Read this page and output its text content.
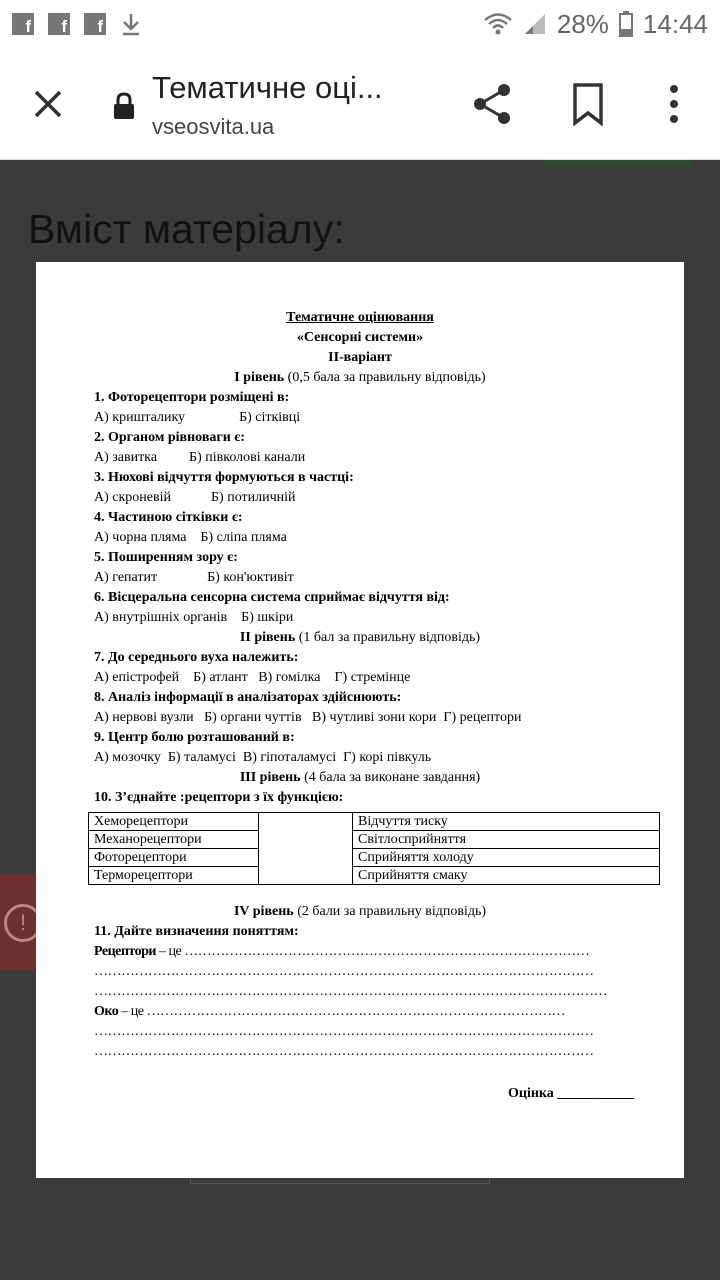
f	f	f	28% 14:44
Тематичне оці...
vseosvita.ua
Вміст матеріалу:
!
Тематичне оцінювання
«Сенсорні системи»
ІІ-варіант
І рівень (0,5 бала за правильну відповідь)
1. Фоторецептори розміщені в:
А) кришталику	Б) сітківці
2. Органом рівноваги є:
А) завитка Б) півколові канали
3. Нюхові відчуття формуються в частці:
А) скроневій	Б) потиличній
4. Частиною сітківки є:
А) чорна пляма Б) сліпа пляма
5. Поширенням зору є:
А) гепатит	Б) кон'юктивіт
6. Вісцеральна сенсорна система сприймає відчуття від:
А) внутрішніх органів Б) шкіри
ІІ рівень (1 бал за правильну відповідь)
7. До середнього вуха належить:
А) епістрофей    Б) атлант   В) гомілка    Г) стремінце
8. Аналіз інформації в аналізаторах здійснюють:
А) нервові вузли   Б) органи чуттів   В) чутливі зони кори  Г) рецептори
9. Центр болю розташований в:
А) мозочку  Б) таламусі  В) гіпоталамусі  Г) корі півкуль
ІІІ рівень (4 бала за виконане завдання)
10. З’єднайте :рецептори з їх функцією:
Хеморецептори		Відчуття тиску
Механорецептори		Світлосприйняття
Фоторецептори		Сприйняття холоду
Терморецептори		Сприйняття смаку
ІV рівень (2 бали за правильну відповідь)
11. Дайте визначення поняттям:
Рецептори – це ………………………………………………………………………………
…………………………………………………………………………………………………
……………………………………………………………………………………………………
Око – це …………………………………………………………………………………
…………………………………………………………………………………………………
…………………………………………………………………………………………………
Оцінка ___________
